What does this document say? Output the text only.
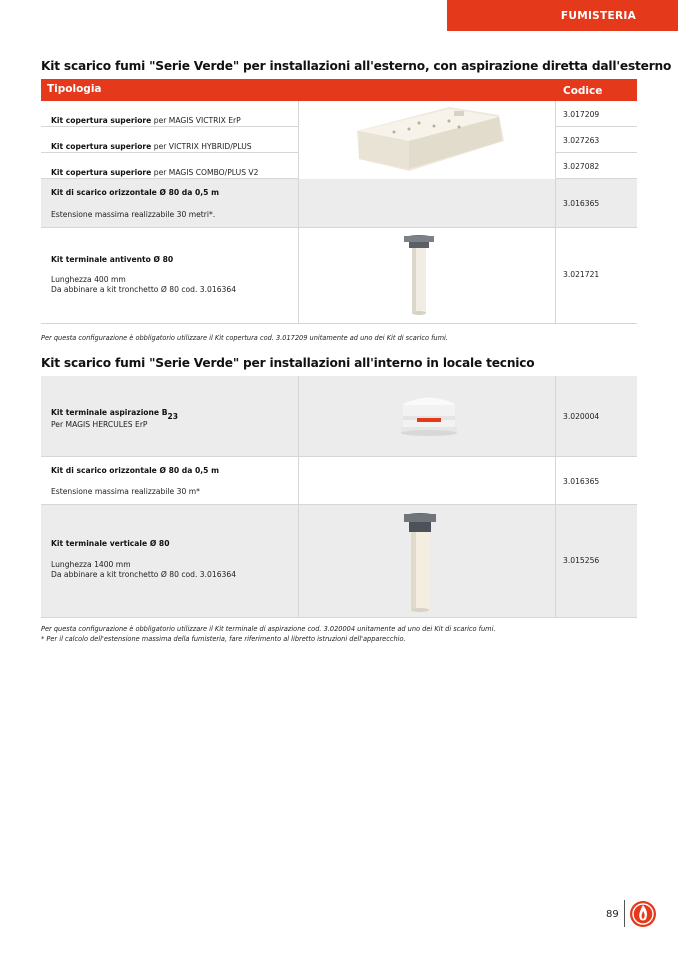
FUMISTERIA
Kit scarico fumi "Serie Verde" per installazioni all'esterno, con aspirazione diretta dall'esterno
Tipologia	Codice
Kit copertura superiore per MAGIS VICTRIX ErP
3.017209
Kit copertura superiore per VICTRIX HYBRID/PLUS
3.027263
Kit copertura superiore per MAGIS COMBO/PLUS V2
3.027082
Kit di scarico orizzontale Ø 80 da 0,5 m
Estensione massima realizzabile 30 metri*.
3.016365
Kit terminale antivento Ø 80
Lunghezza 400 mm
Da abbinare a kit tronchetto Ø 80 cod. 3.016364
3.021721
Per questa configurazione è obbligatorio utilizzare il Kit copertura cod. 3.017209 unitamente ad uno dei Kit di scarico fumi.
Kit scarico fumi "Serie Verde" per installazioni all'interno in locale tecnico
Kit terminale aspirazione $B_{23}$
Per MAGIS HERCULES ErP
3.020004
Kit di scarico orizzontale Ø 80 da 0,5 m
Estensione massima realizzabile 30 m*
3.016365
Kit terminale verticale Ø 80
Lunghezza 1400 mm
Da abbinare a kit tronchetto Ø 80 cod. 3.016364
3.015256
Per questa configurazione è obbligatorio utilizzare il Kit terminale di aspirazione cod. 3.020004 unitamente ad uno dei Kit di scarico fumi.
* Per il calcolo dell'estensione massima della fumisteria, fare riferimento al libretto istruzioni dell'apparecchio.
89
